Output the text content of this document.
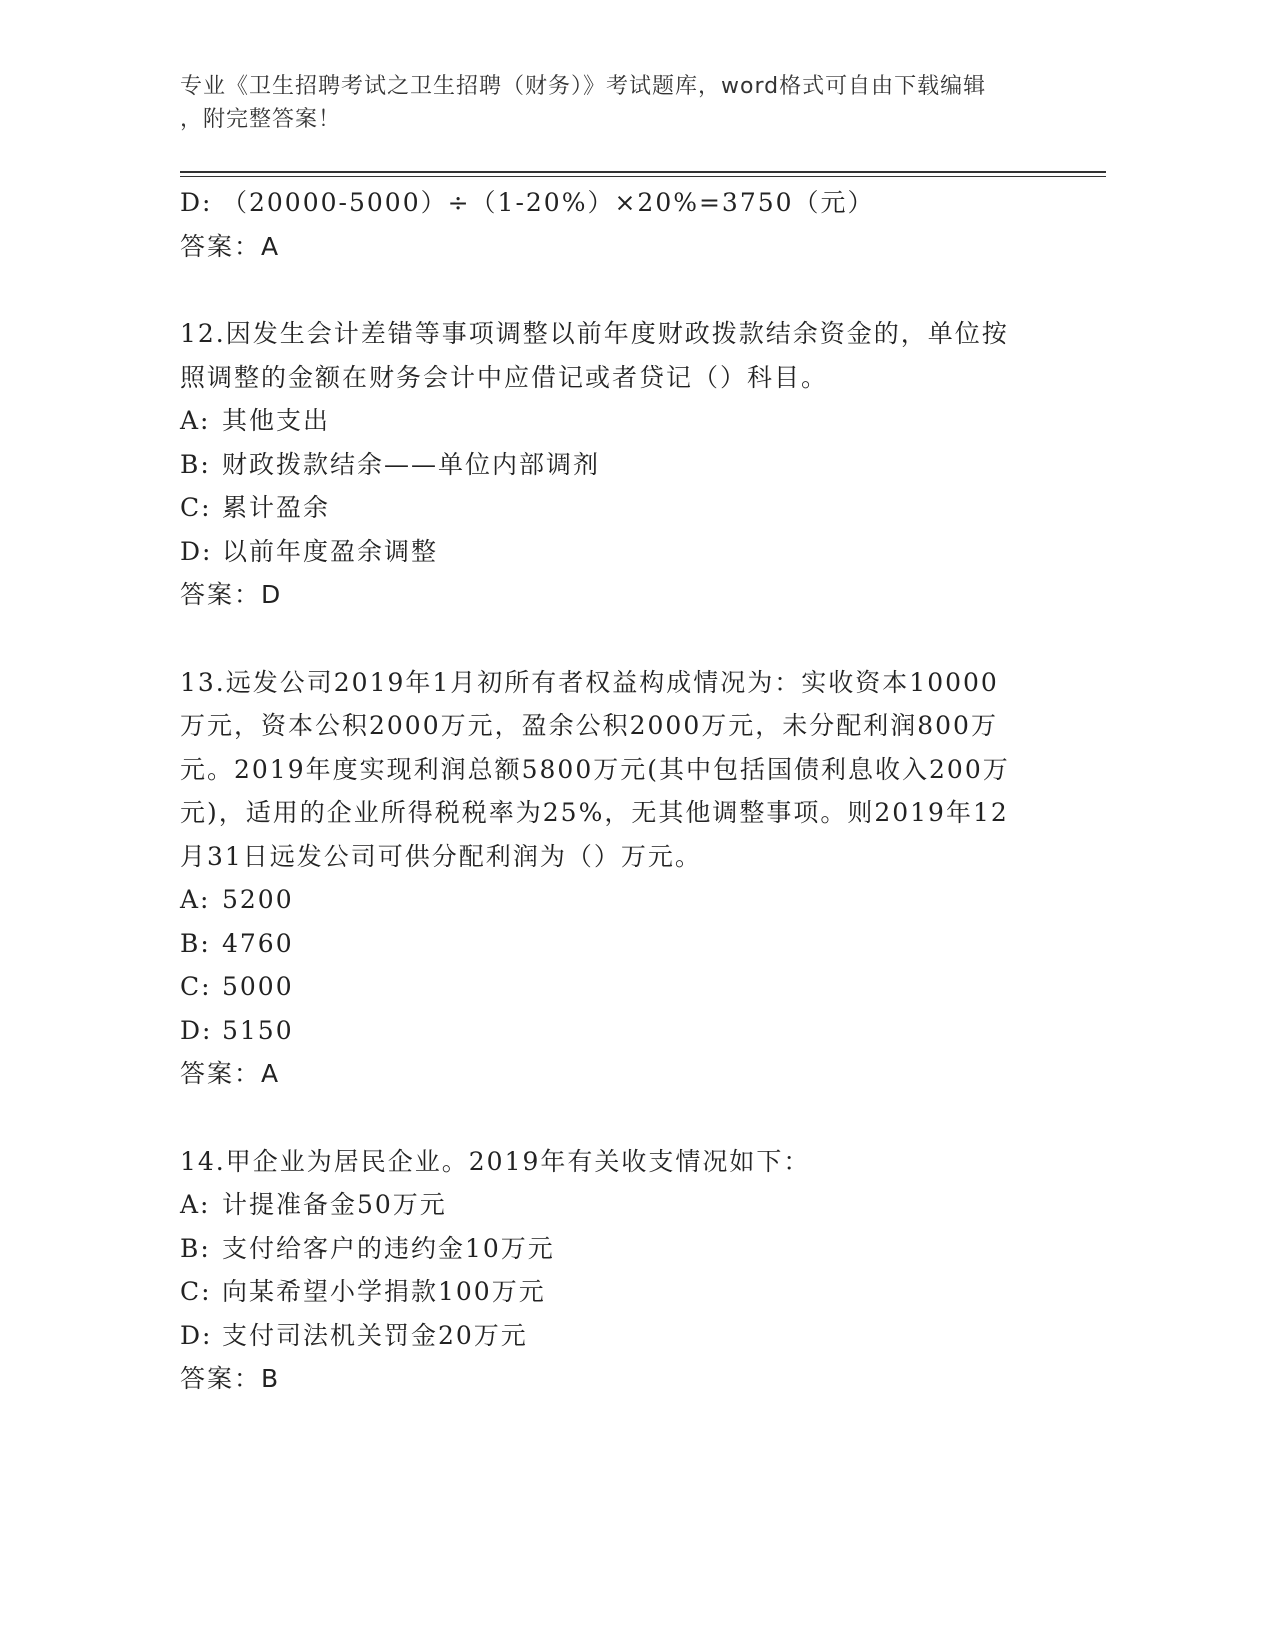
专业《卫生招聘考试之卫生招聘（财务）》考试题库，word格式可自由下载编辑
，附完整答案！
D: （20000-5000）÷（1-20%）×20%=3750（元）
答案：A
12.因发生会计差错等事项调整以前年度财政拨款结余资金的，单位按
照调整的金额在财务会计中应借记或者贷记（）科目。
A: 其他支出
B: 财政拨款结余——单位内部调剂
C: 累计盈余
D: 以前年度盈余调整
答案：D
13.远发公司2019年1月初所有者权益构成情况为：实收资本10000
万元，资本公积2000万元，盈余公积2000万元，未分配利润800万
元。2019年度实现利润总额5800万元(其中包括国债利息收入200万
元)，适用的企业所得税税率为25%，无其他调整事项。则2019年12
月31日远发公司可供分配利润为（）万元。
A: 5200
B: 4760
C: 5000
D: 5150
答案：A
14.甲企业为居民企业。2019年有关收支情况如下：
A: 计提准备金50万元
B: 支付给客户的违约金10万元
C: 向某希望小学捐款100万元
D: 支付司法机关罚金20万元
答案：B
